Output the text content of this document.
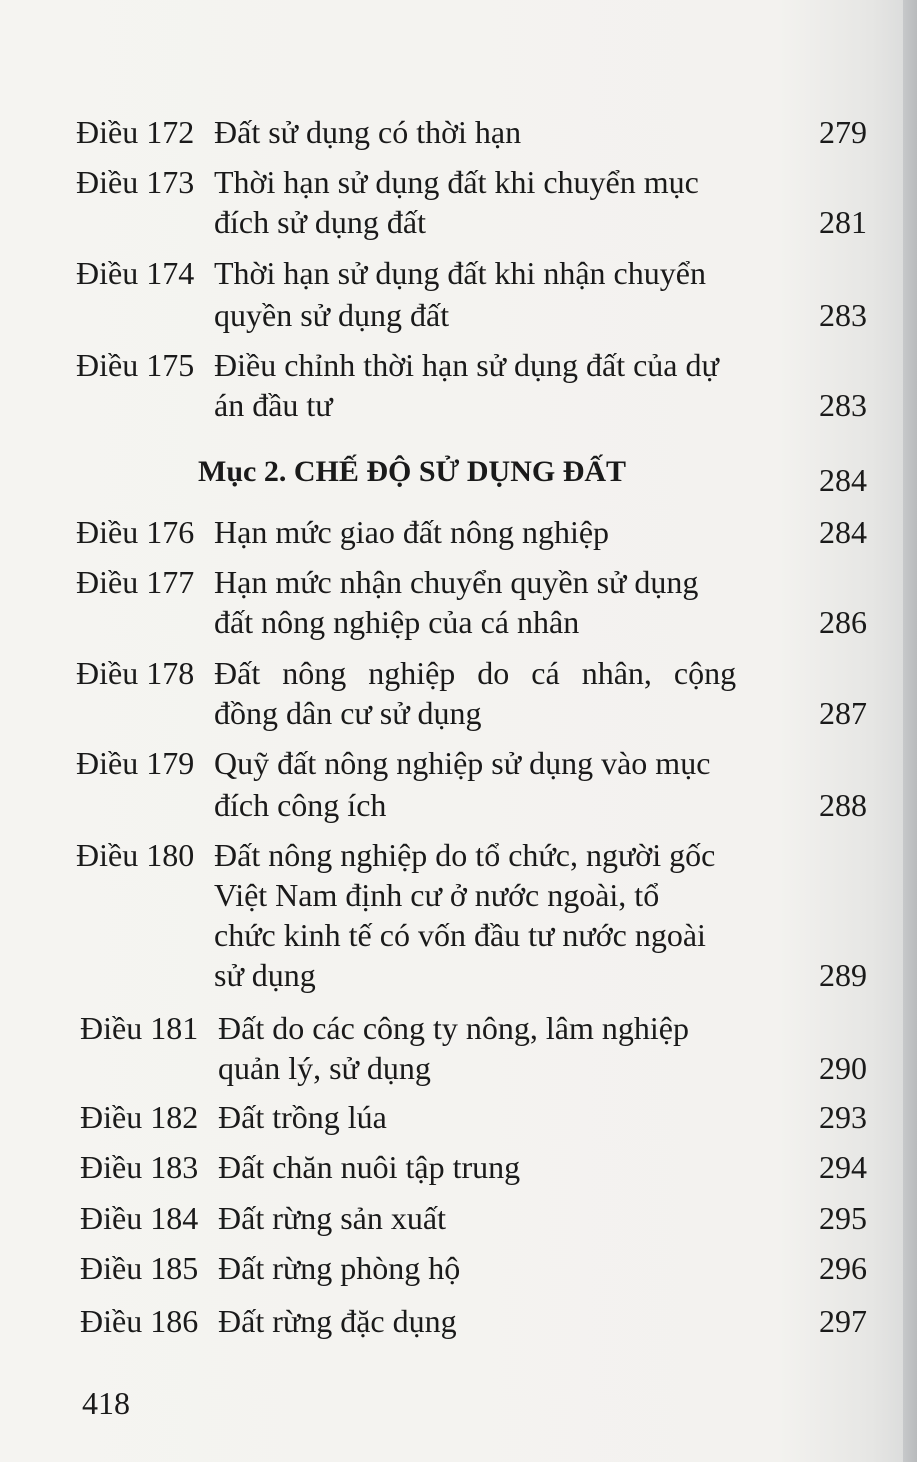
Điều 172 Đất sử dụng có thời hạn	279
Điều 173 Thời hạn sử dụng đất khi chuyển mục
đích sử dụng đất	281
Điều 174 Thời hạn sử dụng đất khi nhận chuyển
quyền sử dụng đất	283
Điều 175 Điều chỉnh thời hạn sử dụng đất của dự
án đầu tư	283
Mục 2. CHẾ ĐỘ SỬ DỤNG ĐẤT	284
Điều 176 Hạn mức giao đất nông nghiệp	284
Điều 177 Hạn mức nhận chuyển quyền sử dụng
đất nông nghiệp của cá nhân	286
Điều 178 Đất nông nghiệp do cá nhân, cộng
đồng dân cư sử dụng	287
Điều 179 Quỹ đất nông nghiệp sử dụng vào mục
đích công ích	288
Điều 180 Đất nông nghiệp do tổ chức, người gốc
Việt Nam định cư ở nước ngoài, tổ
chức kinh tế có vốn đầu tư nước ngoài
sử dụng	289
Điều 181 Đất do các công ty nông, lâm nghiệp
quản lý, sử dụng	290
Điều 182 Đất trồng lúa	293
Điều 183 Đất chăn nuôi tập trung	294
Điều 184 Đất rừng sản xuất	295
Điều 185 Đất rừng phòng hộ	296
Điều 186 Đất rừng đặc dụng	297
418
